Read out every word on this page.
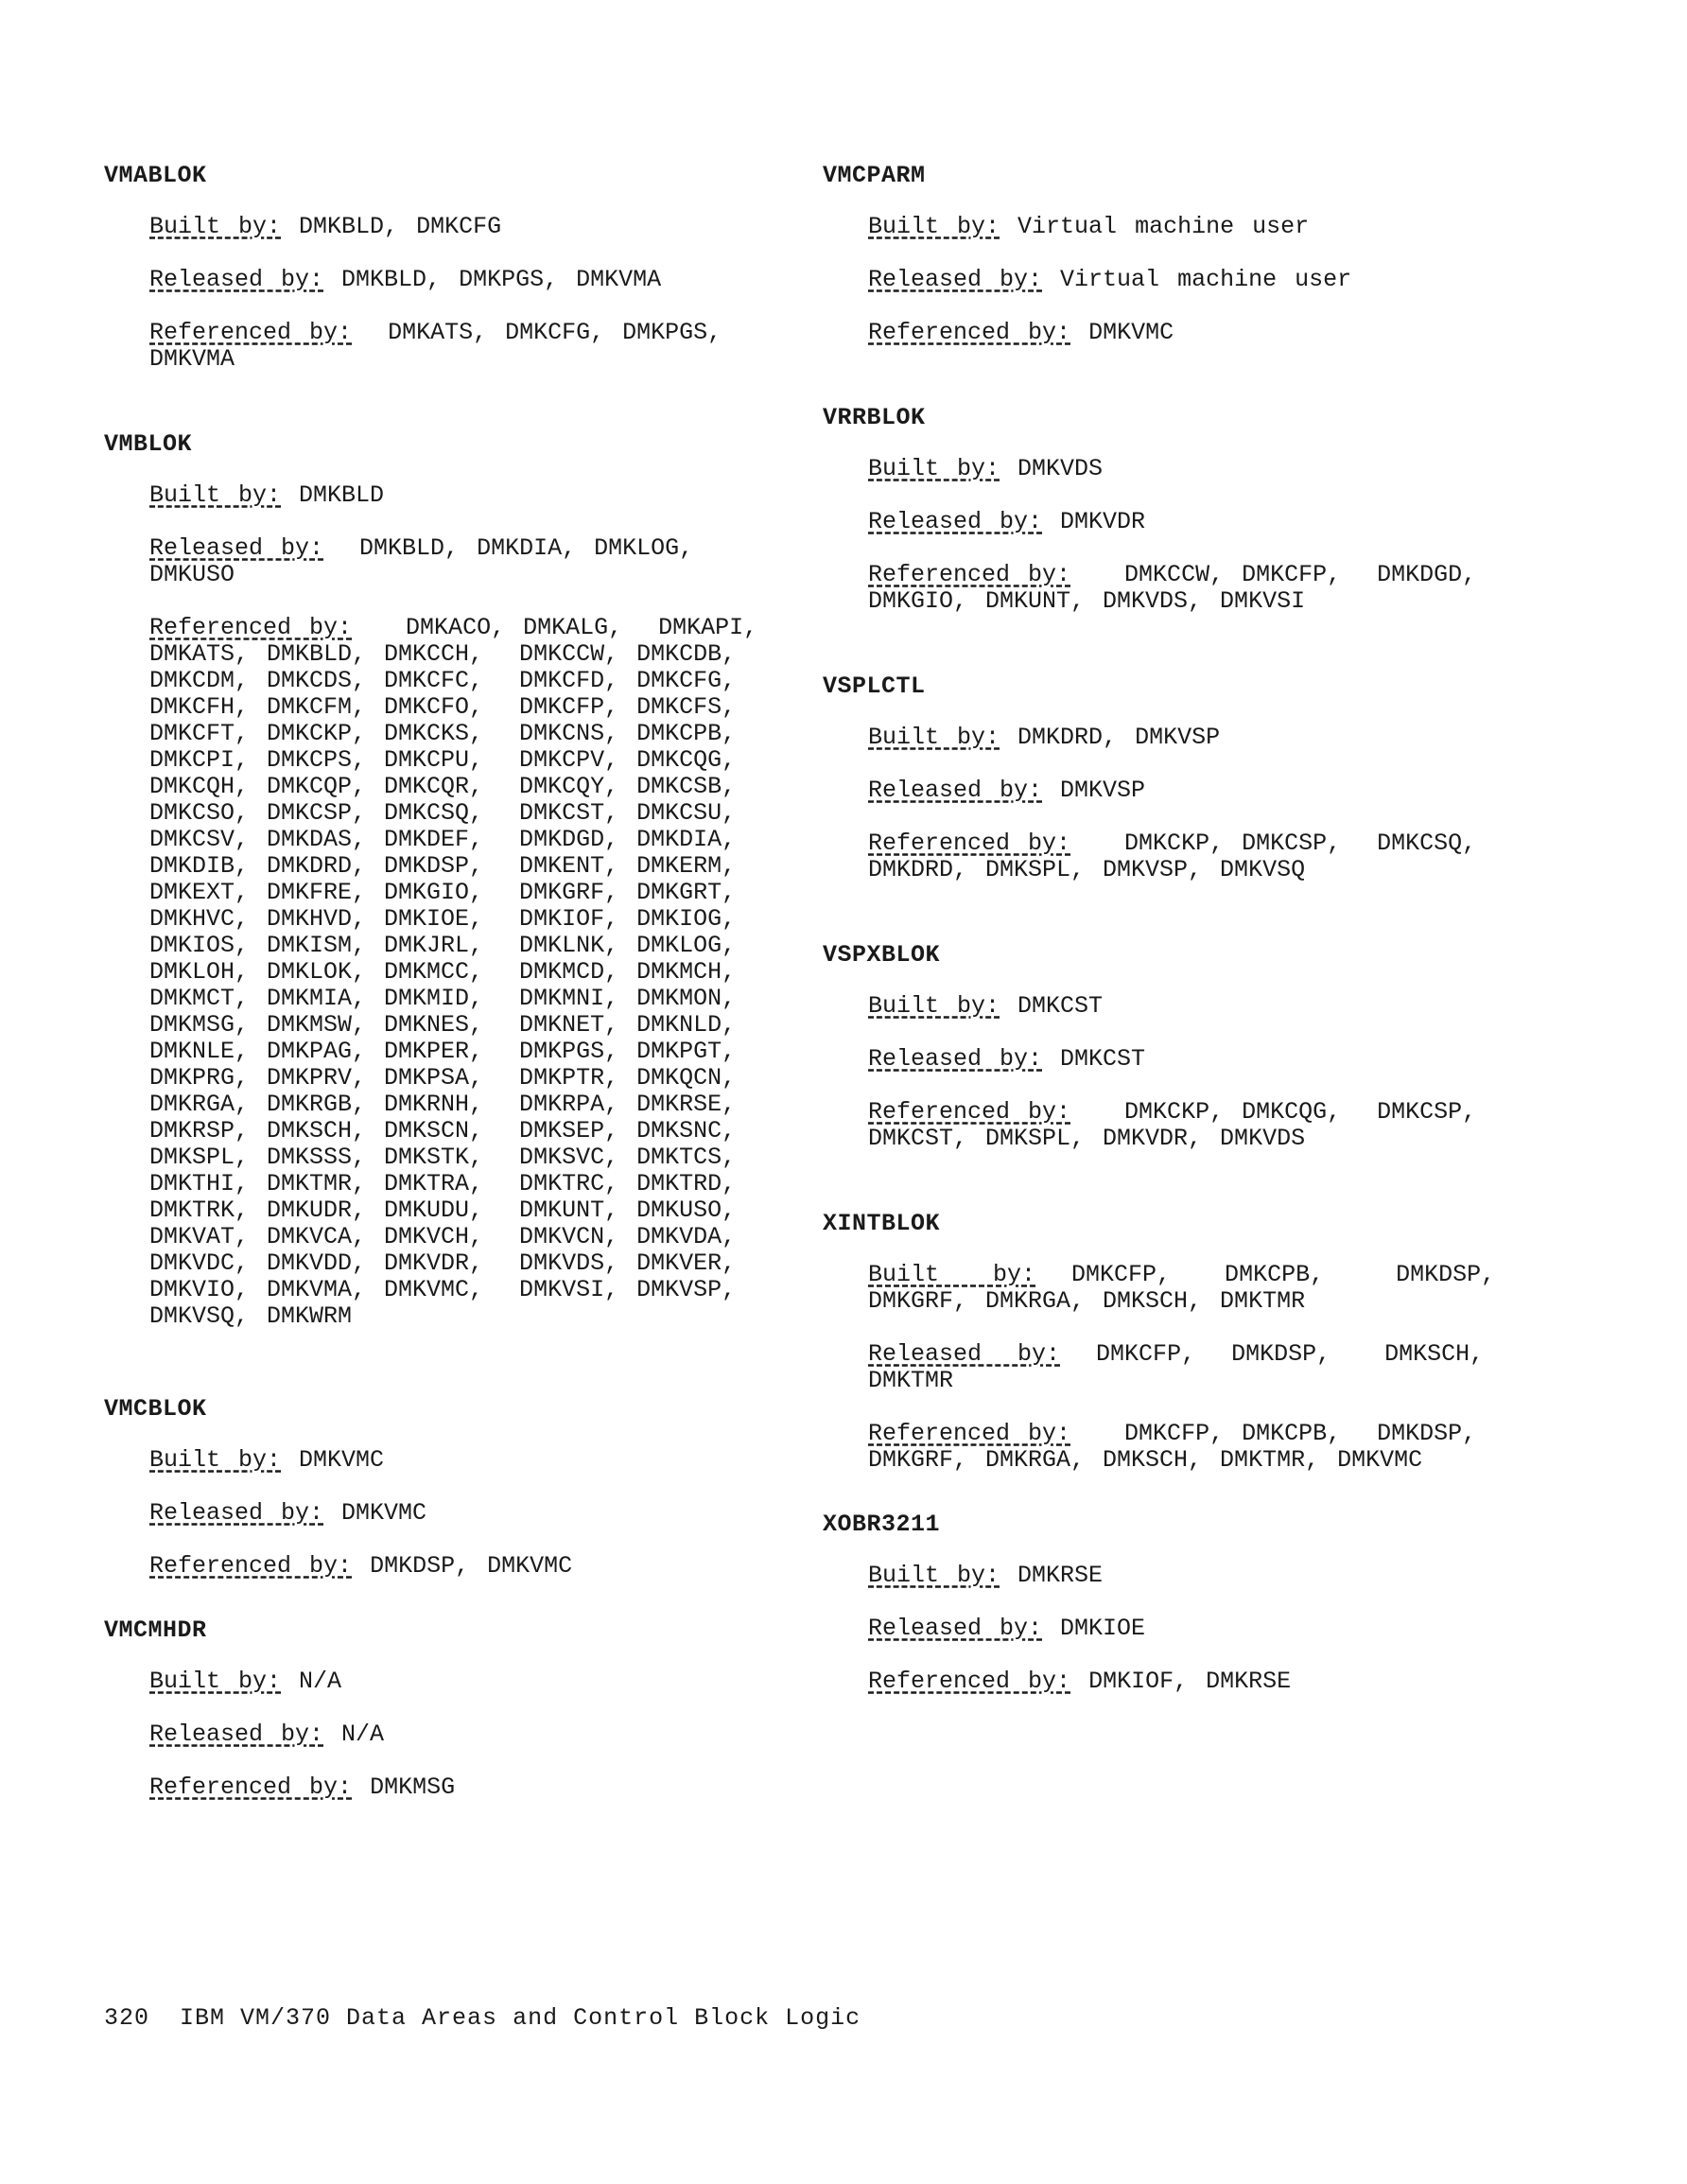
VMABLOK
Built by: DMKBLD, DMKCFG
Released by: DMKBLD, DMKPGS, DMKVMA
Referenced by: DMKATS, DMKCFG, DMKPGS,
DMKVMA
VMBLOK
Built by: DMKBLD
Released by: DMKBLD, DMKDIA, DMKLOG,
DMKUSO
Referenced by:   DMKACO, DMKALG,  DMKAPI,
DMKATS, DMKBLD, DMKCCH,  DMKCCW, DMKCDB,
DMKCDM, DMKCDS, DMKCFC,  DMKCFD, DMKCFG,
DMKCFH, DMKCFM, DMKCFO,  DMKCFP, DMKCFS,
DMKCFT, DMKCKP, DMKCKS,  DMKCNS, DMKCPB,
DMKCPI, DMKCPS, DMKCPU,  DMKCPV, DMKCQG,
DMKCQH, DMKCQP, DMKCQR,  DMKCQY, DMKCSB,
DMKCSO, DMKCSP, DMKCSQ,  DMKCST, DMKCSU,
DMKCSV, DMKDAS, DMKDEF,  DMKDGD, DMKDIA,
DMKDIB, DMKDRD, DMKDSP,  DMKENT, DMKERM,
DMKEXT, DMKFRE, DMKGIO,  DMKGRF, DMKGRT,
DMKHVC, DMKHVD, DMKIOE,  DMKIOF, DMKIOG,
DMKIOS, DMKISM, DMKJRL,  DMKLNK, DMKLOG,
DMKLOH, DMKLOK, DMKMCC,  DMKMCD, DMKMCH,
DMKMCT, DMKMIA, DMKMID,  DMKMNI, DMKMON,
DMKMSG, DMKMSW, DMKNES,  DMKNET, DMKNLD,
DMKNLE, DMKPAG, DMKPER,  DMKPGS, DMKPGT,
DMKPRG, DMKPRV, DMKPSA,  DMKPTR, DMKQCN,
DMKRGA, DMKRGB, DMKRNH,  DMKRPA, DMKRSE,
DMKRSP, DMKSCH, DMKSCN,  DMKSEP, DMKSNC,
DMKSPL, DMKSSS, DMKSTK,  DMKSVC, DMKTCS,
DMKTHI, DMKTMR, DMKTRA,  DMKTRC, DMKTRD,
DMKTRK, DMKUDR, DMKUDU,  DMKUNT, DMKUSO,
DMKVAT, DMKVCA, DMKVCH,  DMKVCN, DMKVDA,
DMKVDC, DMKVDD, DMKVDR,  DMKVDS, DMKVER,
DMKVIO, DMKVMA, DMKVMC,  DMKVSI, DMKVSP,
DMKVSQ, DMKWRM
VMCBLOK
Built by: DMKVMC
Released by: DMKVMC
Referenced by: DMKDSP, DMKVMC
VMCMHDR
Built by: N/A
Released by: N/A
Referenced by: DMKMSG
VMCPARM
Built by: Virtual machine user
Released by: Virtual machine user
Referenced by: DMKVMC
VRRBLOK
Built by: DMKVDS
Released by: DMKVDR
Referenced by:   DMKCCW, DMKCFP,  DMKDGD,
DMKGIO, DMKUNT, DMKVDS, DMKVSI
VSPLCTL
Built by: DMKDRD, DMKVSP
Released by: DMKVSP
Referenced by:   DMKCKP, DMKCSP,  DMKCSQ,
DMKDRD, DMKSPL, DMKVSP, DMKVSQ
VSPXBLOK
Built by: DMKCST
Released by: DMKCST
Referenced by:   DMKCKP, DMKCQG,  DMKCSP,
DMKCST, DMKSPL, DMKVDR, DMKVDS
XINTBLOK
Built   by:  DMKCFP,   DMKCPB,    DMKDSP,
DMKGRF, DMKRGA, DMKSCH, DMKTMR
Released  by:  DMKCFP,  DMKDSP,   DMKSCH,
DMKTMR
Referenced by:   DMKCFP, DMKCPB,  DMKDSP,
DMKGRF, DMKRGA, DMKSCH, DMKTMR, DMKVMC
XOBR3211
Built by: DMKRSE
Released by: DMKIOE
Referenced by: DMKIOF, DMKRSE
320  IBM VM/370 Data Areas and Control Block Logic
